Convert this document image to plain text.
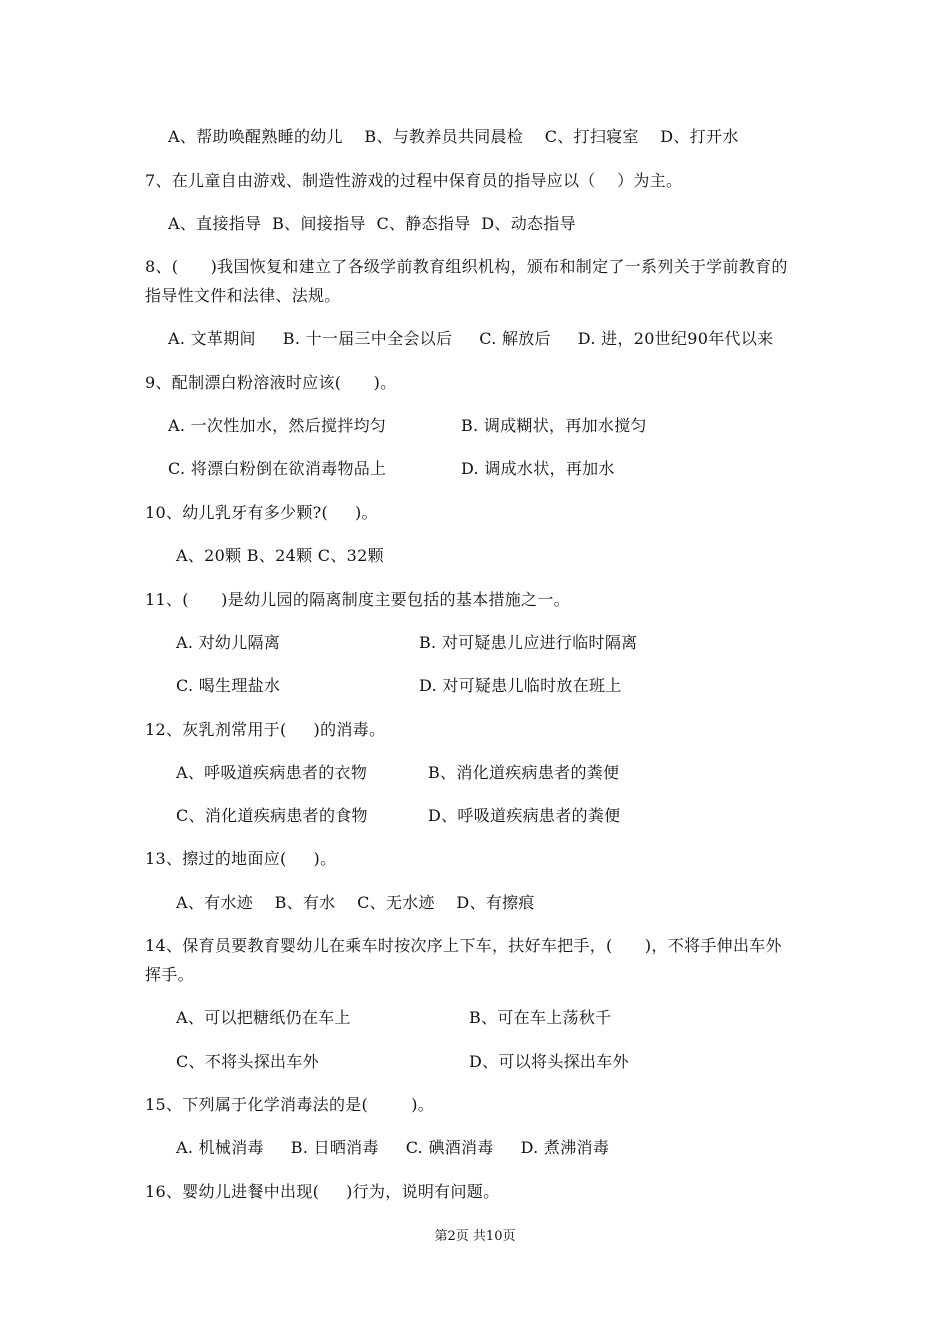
A、帮助唤醒熟睡的幼儿    B、与教养员共同晨检    C、打扫寝室    D、打开水
7、在儿童自由游戏、制造性游戏的过程中保育员的指导应以（    ）为主。
A、直接指导  B、间接指导  C、静态指导  D、动态指导
8、(      )我国恢复和建立了各级学前教育组织机构，颁布和制定了一系列关于学前教育的
指导性文件和法律、法规。
A. 文革期间     B. 十一届三中全会以后     C. 解放后     D. 进，20世纪90年代以来
9、配制漂白粉溶液时应该(      )。
A. 一次性加水，然后搅拌均匀	B. 调成糊状，再加水搅匀
C. 将漂白粉倒在欲消毒物品上	D. 调成水状，再加水
10、幼儿乳牙有多少颗?(     )。
A、20颗 B、24颗 C、32颗
11、(      )是幼儿园的隔离制度主要包括的基本措施之一。
A. 对幼儿隔离	B. 对可疑患儿应进行临时隔离
C. 喝生理盐水	D. 对可疑患儿临时放在班上
12、灰乳剂常用于(     )的消毒。
A、呼吸道疾病患者的衣物	B、消化道疾病患者的粪便
C、消化道疾病患者的食物	D、呼吸道疾病患者的粪便
13、擦过的地面应(     )。
A、有水迹    B、有水    C、无水迹    D、有擦痕
14、保育员要教育婴幼儿在乘车时按次序上下车，扶好车把手，(      )，不将手伸出车外
挥手。
A、可以把糖纸仍在车上	B、可在车上荡秋千
C、不将头探出车外	D、可以将头探出车外
15、下列属于化学消毒法的是(        )。
A. 机械消毒     B. 日晒消毒     C. 碘酒消毒     D. 煮沸消毒
16、婴幼儿进餐中出现(     )行为，说明有问题。
第2页 共10页
